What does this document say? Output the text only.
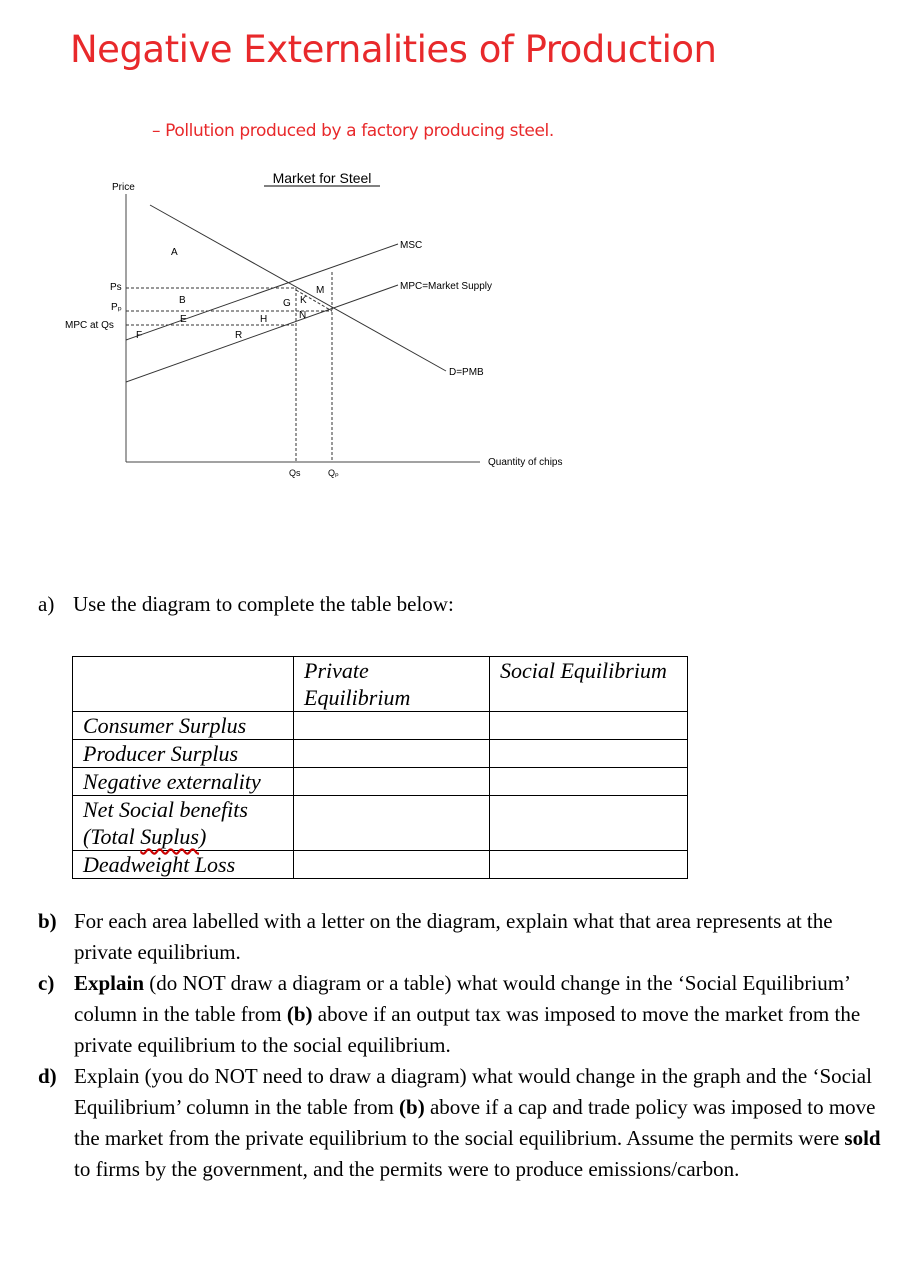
Negative Externalities of Production
– Pollution produced by a factory producing steel.
Market for Steel
Price
Quantity of chips
Ps
Pₚ
MPC at Qs
Qs	Qₚ
MSC
MPC=Market Supply
D=PMB
A
B
E
F
G
H
K
M
N
R
a) Use the diagram to complete the table below:
	Private Equilibrium	Social Equilibrium
Consumer Surplus		
Producer Surplus		
Negative externality		
Net Social benefits
(Total Suplus)		
Deadweight Loss		

b) For each area labelled with a letter on the diagram, explain what that area represents at the private equilibrium.

c) Explain (do NOT draw a diagram or a table) what would change in the ‘Social Equilibrium’ column in the table from (b) above if an output tax was imposed to move the market from the private equilibrium to the social equilibrium.

d) Explain (you do NOT need to draw a diagram) what would change in the graph and the ‘Social Equilibrium’ column in the table from (b) above if a cap and trade policy was imposed to move the market from the private equilibrium to the social equilibrium. Assume the permits were sold to firms by the government, and the permits were to produce emissions/carbon.
